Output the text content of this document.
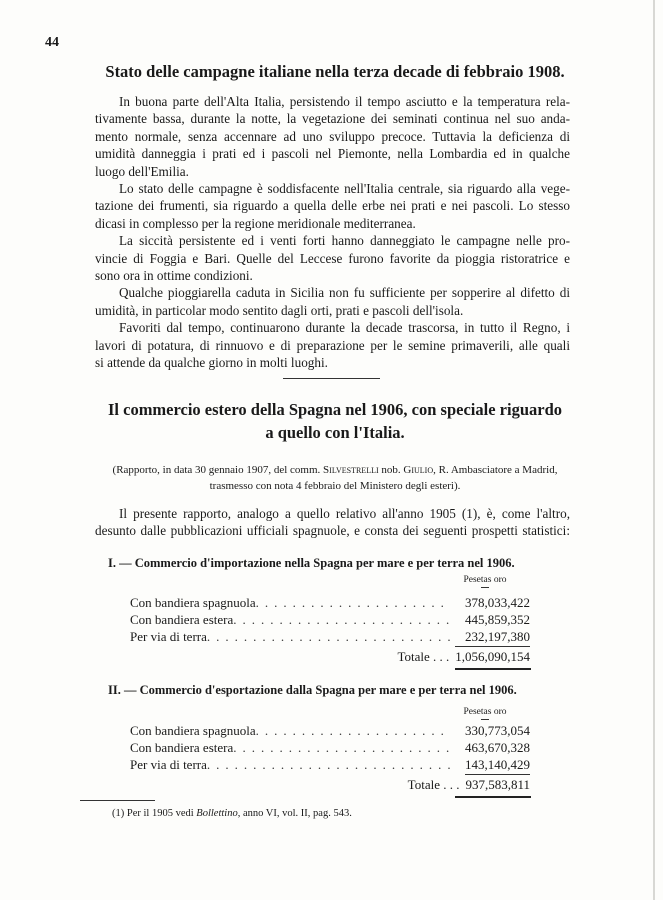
44
Stato delle campagne italiane nella terza decade di febbraio 1908.
In buona parte dell'Alta Italia, persistendo il tempo asciutto e la temperatura rela-
tivamente bassa, durante la notte, la vegetazione dei seminati continua nel suo anda-
mento normale, senza accennare ad uno sviluppo precoce. Tuttavia la deficienza di
umidità danneggia i prati ed i pascoli nel Piemonte, nella Lombardia ed in qualche
luogo dell'Emilia.
Lo stato delle campagne è soddisfacente nell'Italia centrale, sia riguardo alla vege-
tazione dei frumenti, sia riguardo a quella delle erbe nei prati e nei pascoli. Lo stesso
dicasi in complesso per la regione meridionale mediterranea.
La siccità persistente ed i venti forti hanno danneggiato le campagne nelle pro-
vincie di Foggia e Bari. Quelle del Leccese furono favorite da pioggia ristoratrice e
sono ora in ottime condizioni.
Qualche pioggiarella caduta in Sicilia non fu sufficiente per sopperire al difetto di
umidità, in particolar modo sentito dagli orti, prati e pascoli dell'isola.
Favoriti dal tempo, continuarono durante la decade trascorsa, in tutto il Regno, i
lavori di potatura, di rinnuovo e di preparazione per le semine primaverili, alle quali
si attende da qualche giorno in molti luoghi.
Il commercio estero della Spagna nel 1906, con speciale riguardo
a quello con l'Italia.
(Rapporto, in data 30 gennaio 1907, del comm. Silvestrelli nob. Giulio, R. Ambasciatore a Madrid,
trasmesso con nota 4 febbraio del Ministero degli esteri).
Il presente rapporto, analogo a quello relativo all'anno 1905 (1), è, come l'altro,
desunto dalle pubblicazioni ufficiali spagnuole, e consta dei seguenti prospetti statistici:
I. — Commercio d'importazione nella Spagna per mare e per terra nel 1906.
Pesetas oro
Con bandiera spagnuola .....	378,033,422
Con bandiera estera .....	445,859,352
Per via di terra .....	232,197,380
Totale . . . 1,056,090,154
II. — Commercio d'esportazione dalla Spagna per mare e per terra nel 1906.
Pesetas oro
Con bandiera spagnuola .....	330,773,054
Con bandiera estera .....	463,670,328
Per via di terra .....	143,140,429
Totale . . . 937,583,811
(1) Per il 1905 vedi Bollettino, anno VI, vol. II, pag. 543.
